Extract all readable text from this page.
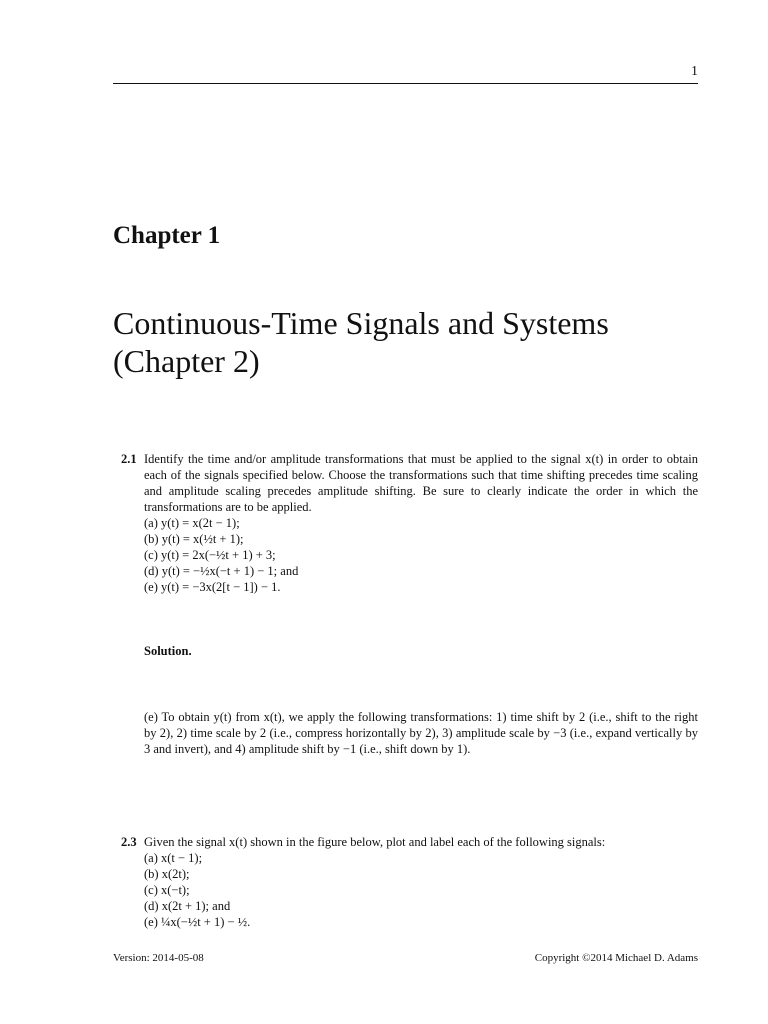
1
Chapter 1
Continuous-Time Signals and Systems (Chapter 2)
2.1 Identify the time and/or amplitude transformations that must be applied to the signal x(t) in order to obtain each of the signals specified below. Choose the transformations such that time shifting precedes time scaling and amplitude scaling precedes amplitude shifting. Be sure to clearly indicate the order in which the transformations are to be applied.

(a) y(t) = x(2t − 1);
(b) y(t) = x(½t + 1);
(c) y(t) = 2x(−½t + 1) + 3;
(d) y(t) = −½x(−t + 1) − 1; and
(e) y(t) = −3x(2[t − 1]) − 1.
Solution.

(e) To obtain y(t) from x(t), we apply the following transformations: 1) time shift by 2 (i.e., shift to the right by 2), 2) time scale by 2 (i.e., compress horizontally by 2), 3) amplitude scale by −3 (i.e., expand vertically by 3 and invert), and 4) amplitude shift by −1 (i.e., shift down by 1).

2.3 Given the signal x(t) shown in the figure below, plot and label each of the following signals:

(a) x(t − 1);
(b) x(2t);
(c) x(−t);
(d) x(2t + 1); and
(e) ¼x(−½t + 1) − ½.
Version: 2014-05-08	Copyright ©2014 Michael D. Adams
